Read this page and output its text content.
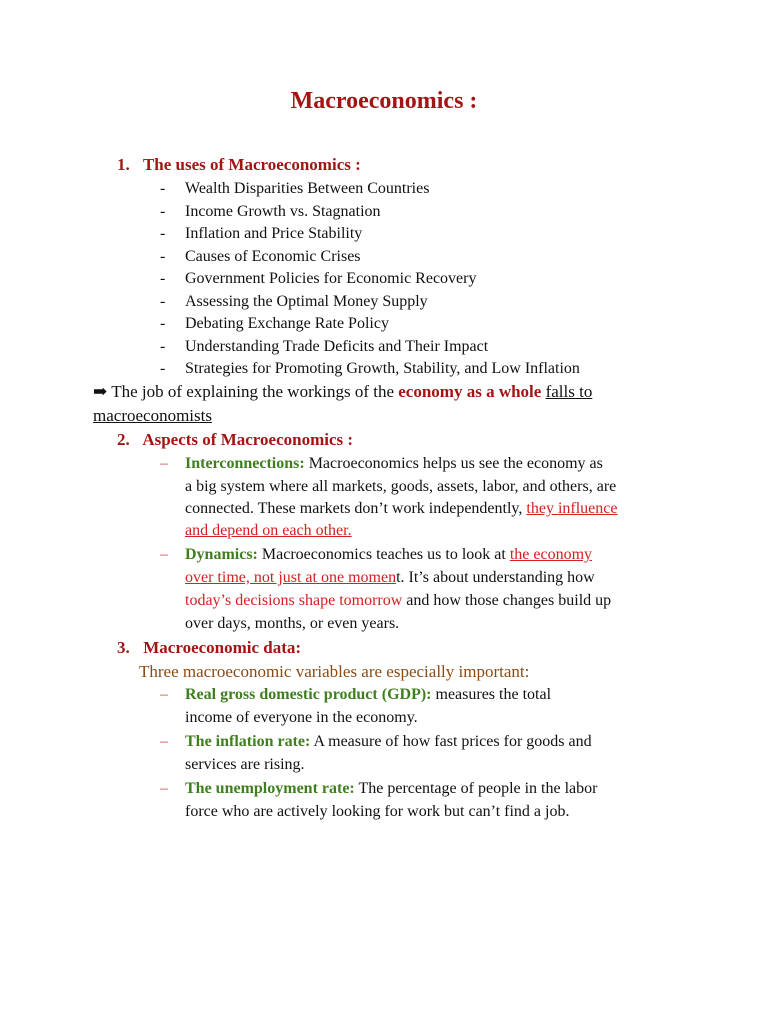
Macroeconomics :
1. The uses of Macroeconomics :
- Wealth Disparities Between Countries
- Income Growth vs. Stagnation
- Inflation and Price Stability
- Causes of Economic Crises
- Government Policies for Economic Recovery
- Assessing the Optimal Money Supply
- Debating Exchange Rate Policy
- Understanding Trade Deficits and Their Impact
- Strategies for Promoting Growth, Stability, and Low Inflation
➡ The job of explaining the workings of the economy as a whole falls to
macroeconomists
2. Aspects of Macroeconomics :
– Interconnections: Macroeconomics helps us see the economy as
a big system where all markets, goods, assets, labor, and others, are
connected. These markets don’t work independently, they influence
and depend on each other.
– Dynamics: Macroeconomics teaches us to look at the economy
over time, not just at one moment. It’s about understanding how
today’s decisions shape tomorrow and how those changes build up
over days, months, or even years.
3. Macroeconomic data:
Three macroeconomic variables are especially important:
– Real gross domestic product (GDP): measures the total
income of everyone in the economy.
– The inflation rate: A measure of how fast prices for goods and
services are rising.
– The unemployment rate: The percentage of people in the labor
force who are actively looking for work but can’t find a job.
